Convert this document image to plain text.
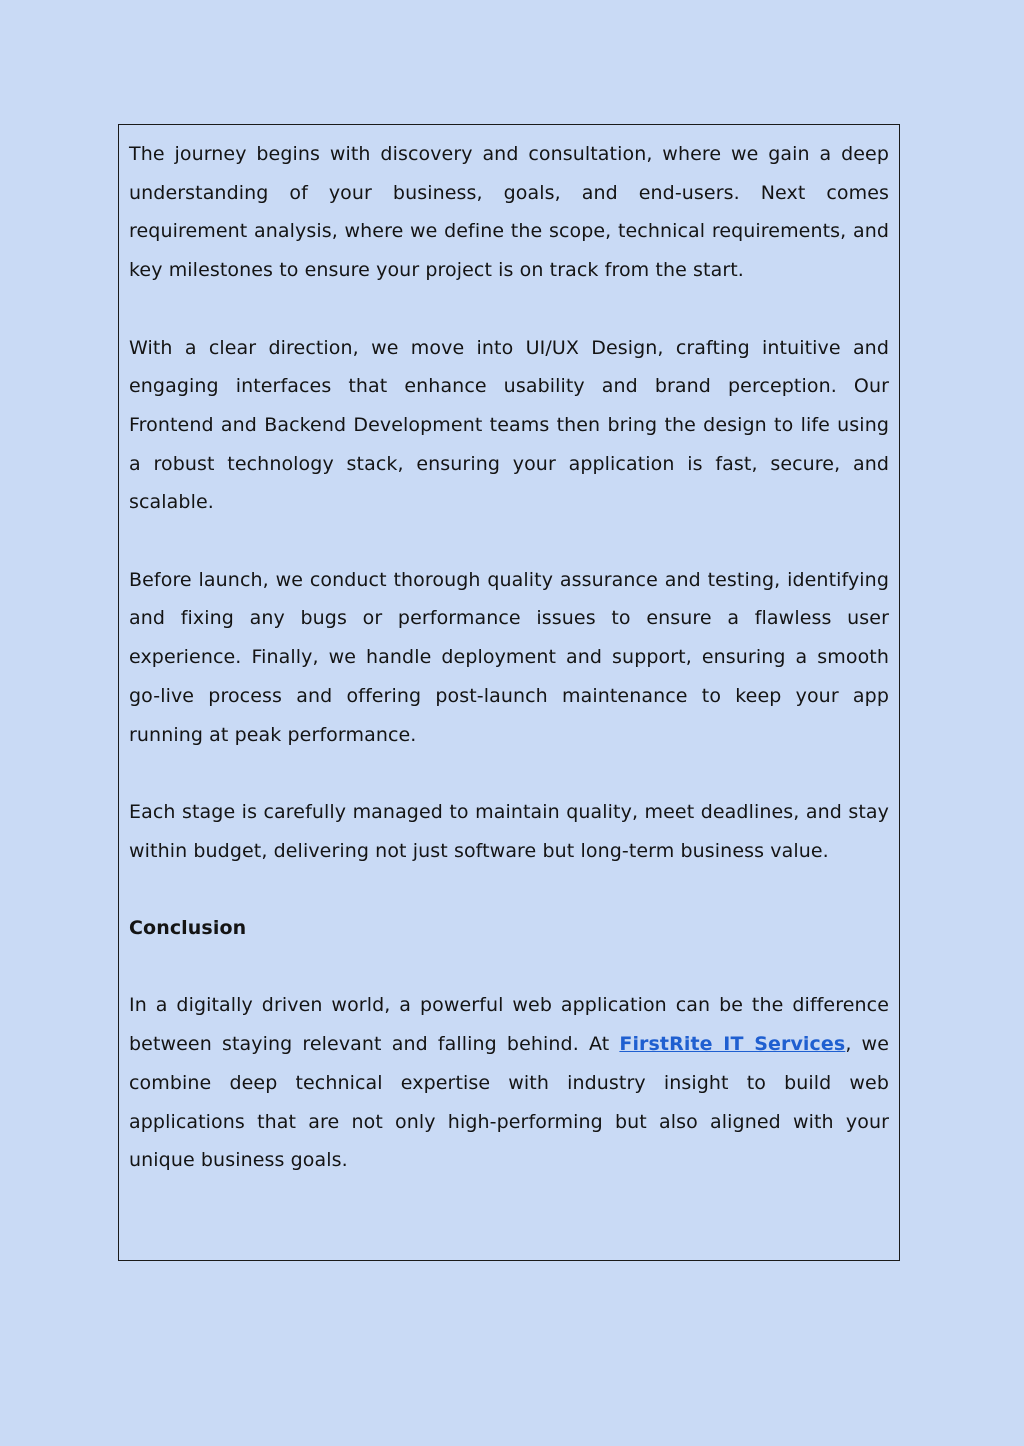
The journey begins with discovery and consultation, where we gain a deep understanding of your business, goals, and end-users. Next comes requirement analysis, where we define the scope, technical requirements, and key milestones to ensure your project is on track from the start.

With a clear direction, we move into UI/UX Design, crafting intuitive and engaging interfaces that enhance usability and brand perception. Our Frontend and Backend Development teams then bring the design to life using a robust technology stack, ensuring your application is fast, secure, and scalable.

Before launch, we conduct thorough quality assurance and testing, identifying and fixing any bugs or performance issues to ensure a flawless user experience. Finally, we handle deployment and support, ensuring a smooth go-live process and offering post-launch maintenance to keep your app running at peak performance.

Each stage is carefully managed to maintain quality, meet deadlines, and stay within budget, delivering not just software but long-term business value.

Conclusion

In a digitally driven world, a powerful web application can be the difference between staying relevant and falling behind. At FirstRite IT Services, we combine deep technical expertise with industry insight to build web applications that are not only high-performing but also aligned with your unique business goals.
